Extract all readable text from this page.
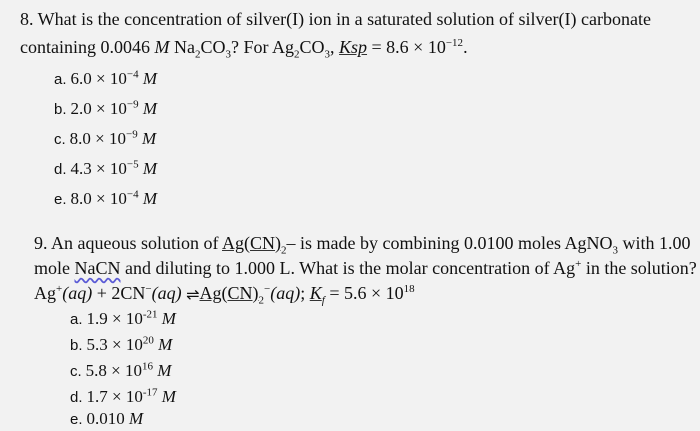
8. What is the concentration of silver(I) ion in a saturated solution of silver(I) carbonate
containing 0.0046 M $Na_2CO_3$? For $Ag_2CO_3$, Ksp = $8.6 \times 10^{-12}$.
a. $6.0 \times 10^{-4}$ M
b. $2.0 \times 10^{-9}$ M
c. $8.0 \times 10^{-9}$ M
d. $4.3 \times 10^{-5}$ M
e. $8.0 \times 10^{-4}$ M
9. An aqueous solution of $Ag(CN)_2-$ is made by combining 0.0100 moles AgNO$_3$ with 1.00
mole NaCN and diluting to 1.000 L. What is the molar concentration of Ag+ in the solution?
Ag+(aq) + 2CN−(aq) $\rightleftharpoons Ag(CN)_2^-(aq)$; $K_f = 5.6 \times 10^{18}$
a. $1.9 \times 10^{-21}$ M
b. $5.3 \times 10^{20}$ M
c. $5.8 \times 10^{16}$ M
d. $1.7 \times 10^{-17}$ M
e. 0.010 M
